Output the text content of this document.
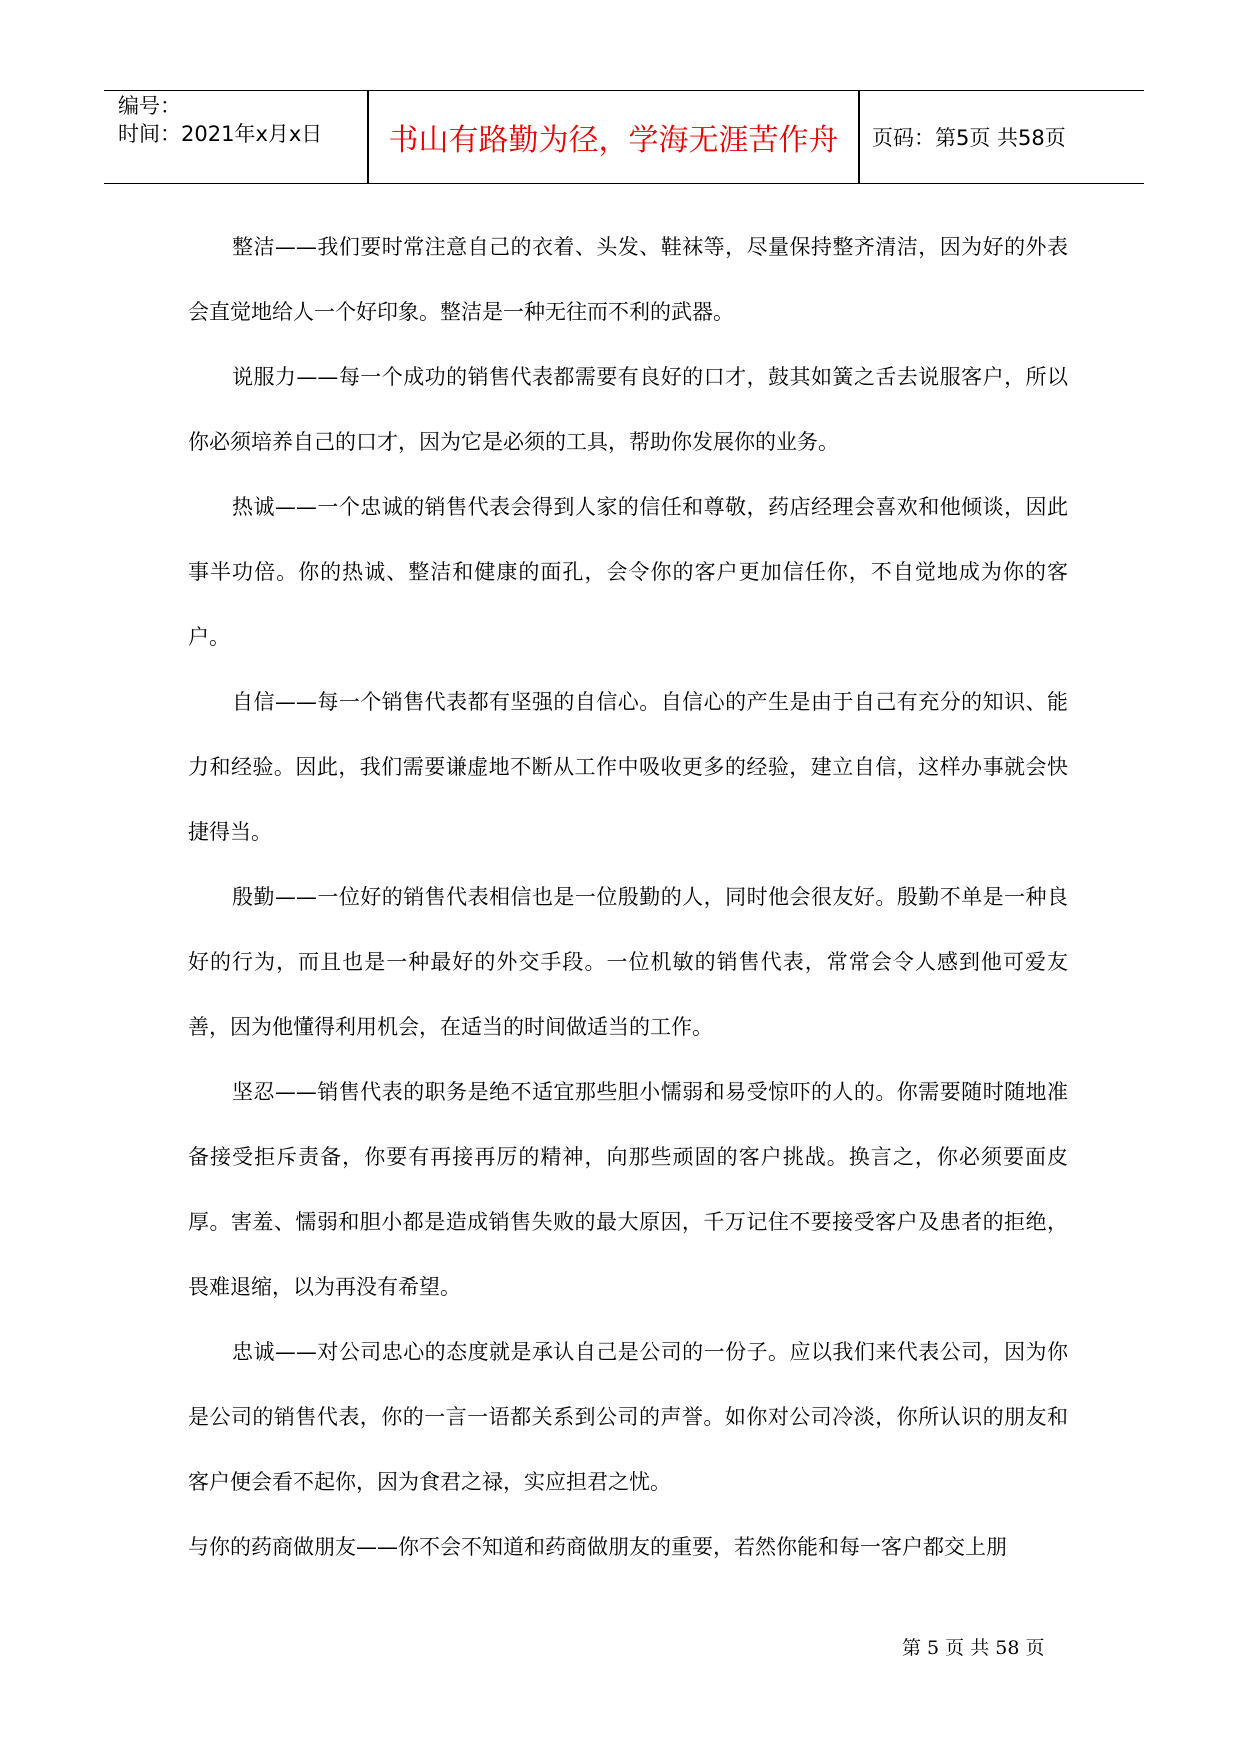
编号：
时间：2021年x月x日	书山有路勤为径，学海无涯苦作舟	页码：第5页 共58页

整洁——我们要时常注意自己的衣着、头发、鞋袜等，尽量保持整齐清洁，因为好的外表会直觉地给人一个好印象。整洁是一种无往而不利的武器。

说服力——每一个成功的销售代表都需要有良好的口才，鼓其如簧之舌去说服客户，所以你必须培养自己的口才，因为它是必须的工具，帮助你发展你的业务。

热诚——一个忠诚的销售代表会得到人家的信任和尊敬，药店经理会喜欢和他倾谈，因此事半功倍。你的热诚、整洁和健康的面孔，会令你的客户更加信任你，不自觉地成为你的客户。

自信——每一个销售代表都有坚强的自信心。自信心的产生是由于自己有充分的知识、能力和经验。因此，我们需要谦虚地不断从工作中吸收更多的经验，建立自信，这样办事就会快捷得当。

殷勤——一位好的销售代表相信也是一位殷勤的人，同时他会很友好。殷勤不单是一种良好的行为，而且也是一种最好的外交手段。一位机敏的销售代表，常常会令人感到他可爱友善，因为他懂得利用机会，在适当的时间做适当的工作。

坚忍——销售代表的职务是绝不适宜那些胆小懦弱和易受惊吓的人的。你需要随时随地准备接受拒斥责备，你要有再接再厉的精神，向那些顽固的客户挑战。换言之，你必须要面皮厚。害羞、懦弱和胆小都是造成销售失败的最大原因，千万记住不要接受客户及患者的拒绝，畏难退缩，以为再没有希望。

忠诚——对公司忠心的态度就是承认自己是公司的一份子。应以我们来代表公司，因为你是公司的销售代表，你的一言一语都关系到公司的声誉。如你对公司冷淡，你所认识的朋友和客户便会看不起你，因为食君之禄，实应担君之忧。

与你的药商做朋友——你不会不知道和药商做朋友的重要，若然你能和每一客户都交上朋

第 5 页 共 58 页
